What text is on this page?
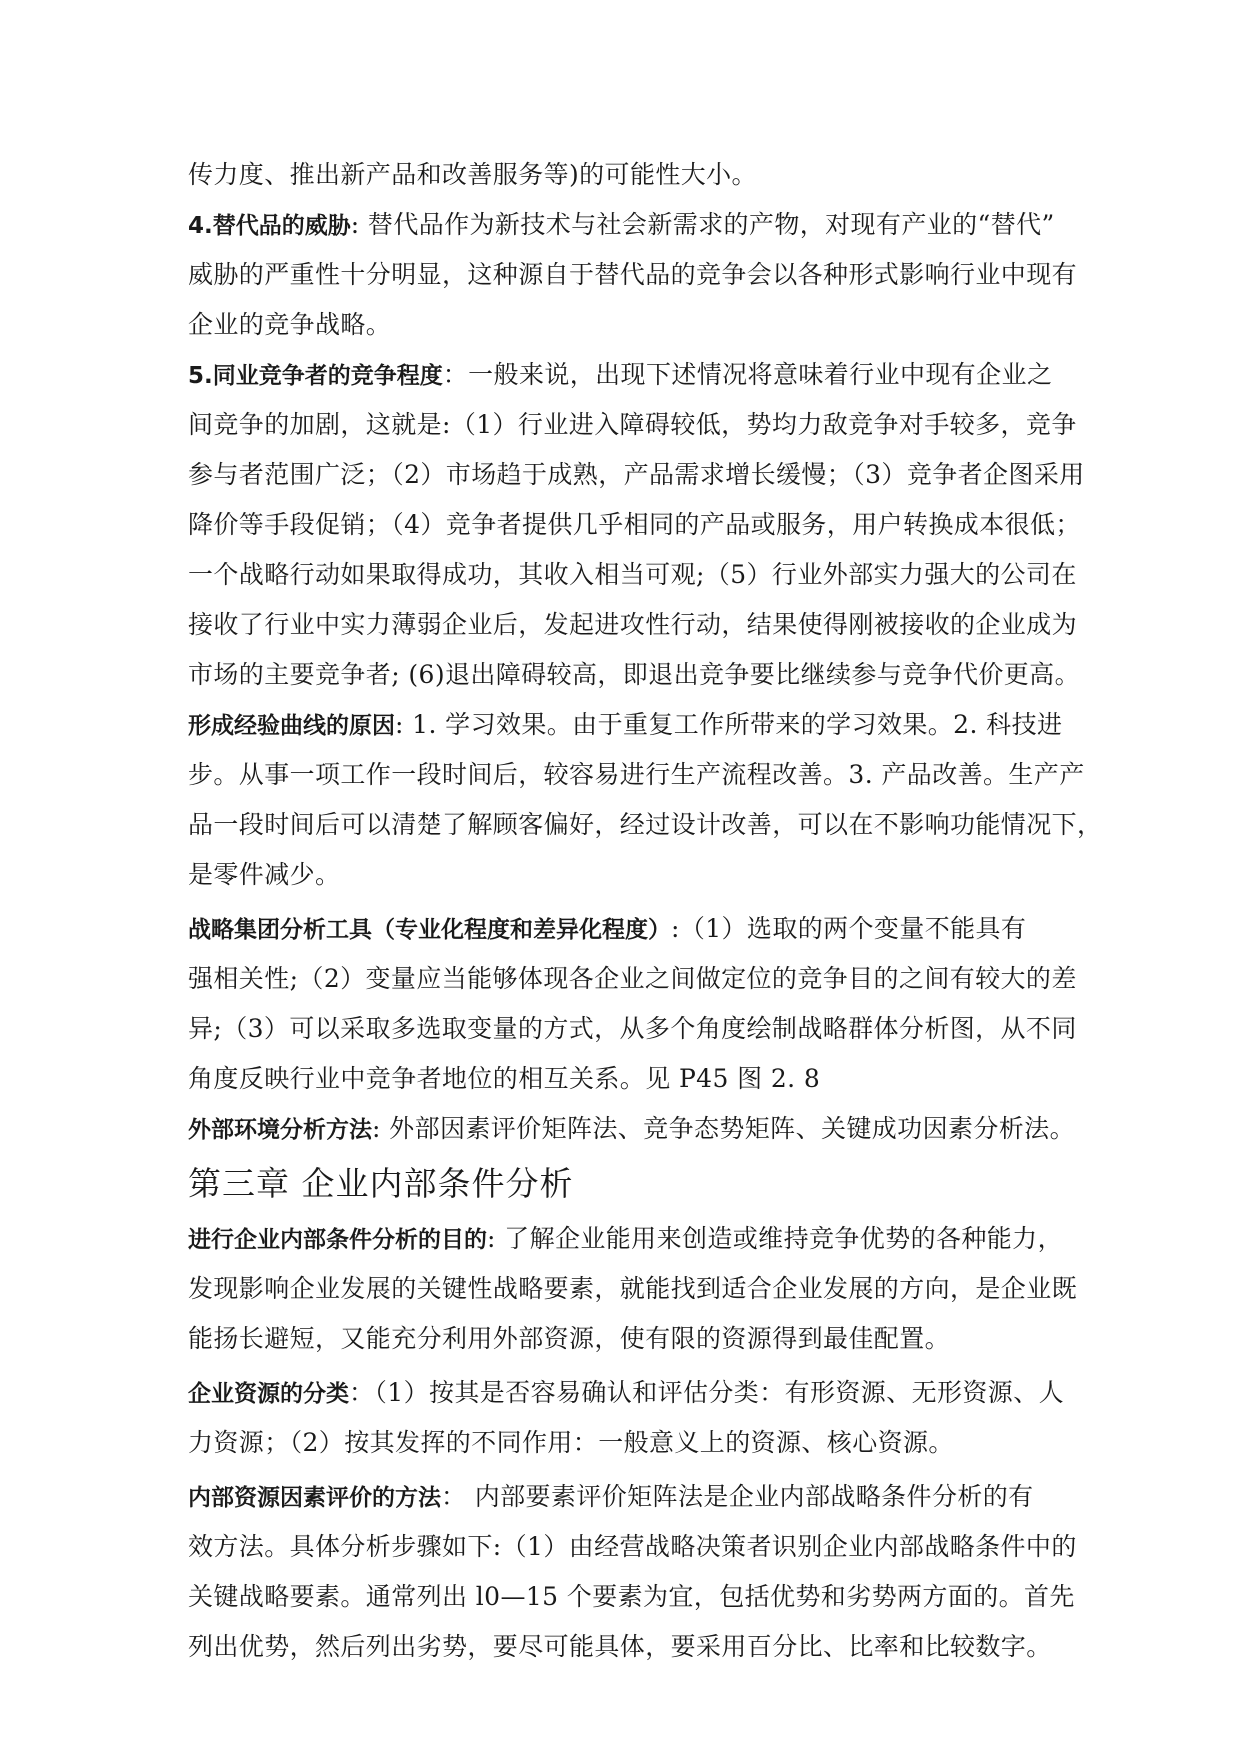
传力度、推出新产品和改善服务等)的可能性大小。
4.替代品的威胁: 替代品作为新技术与社会新需求的产物，对现有产业的“替代”
威胁的严重性十分明显，这种源自于替代品的竞争会以各种形式影响行业中现有
企业的竞争战略。
5.同业竞争者的竞争程度：一般来说，出现下述情况将意味着行业中现有企业之
间竞争的加剧，这就是:（1）行业进入障碍较低，势均力敌竞争对手较多，竞争
参与者范围广泛；（2）市场趋于成熟，产品需求增长缓慢；（3）竞争者企图采用
降价等手段促销；（4）竞争者提供几乎相同的产品或服务，用户转换成本很低；
一个战略行动如果取得成功，其收入相当可观;（5）行业外部实力强大的公司在
接收了行业中实力薄弱企业后，发起进攻性行动，结果使得刚被接收的企业成为
市场的主要竞争者; (6)退出障碍较高，即退出竞争要比继续参与竞争代价更高。
形成经验曲线的原因: 1. 学习效果。由于重复工作所带来的学习效果。2. 科技进
步。从事一项工作一段时间后，较容易进行生产流程改善。3. 产品改善。生产产
品一段时间后可以清楚了解顾客偏好，经过设计改善，可以在不影响功能情况下，
是零件减少。
战略集团分析工具（专业化程度和差异化程度）:（1）选取的两个变量不能具有
强相关性;（2）变量应当能够体现各企业之间做定位的竞争目的之间有较大的差
异;（3）可以采取多选取变量的方式，从多个角度绘制战略群体分析图，从不同
角度反映行业中竞争者地位的相互关系。见 P45 图 2. 8
外部环境分析方法: 外部因素评价矩阵法、竞争态势矩阵、关键成功因素分析法。
第三章 企业内部条件分析
进行企业内部条件分析的目的: 了解企业能用来创造或维持竞争优势的各种能力，
发现影响企业发展的关键性战略要素，就能找到适合企业发展的方向，是企业既
能扬长避短，又能充分利用外部资源，使有限的资源得到最佳配置。
企业资源的分类：（1）按其是否容易确认和评估分类：有形资源、无形资源、人
力资源；（2）按其发挥的不同作用：一般意义上的资源、核心资源。
内部资源因素评价的方法： 内部要素评价矩阵法是企业内部战略条件分析的有
效方法。具体分析步骤如下:（1）由经营战略决策者识别企业内部战略条件中的
关键战略要素。通常列出 l0—15 个要素为宜，包括优势和劣势两方面的。首先
列出优势，然后列出劣势，要尽可能具体，要采用百分比、比率和比较数字。
